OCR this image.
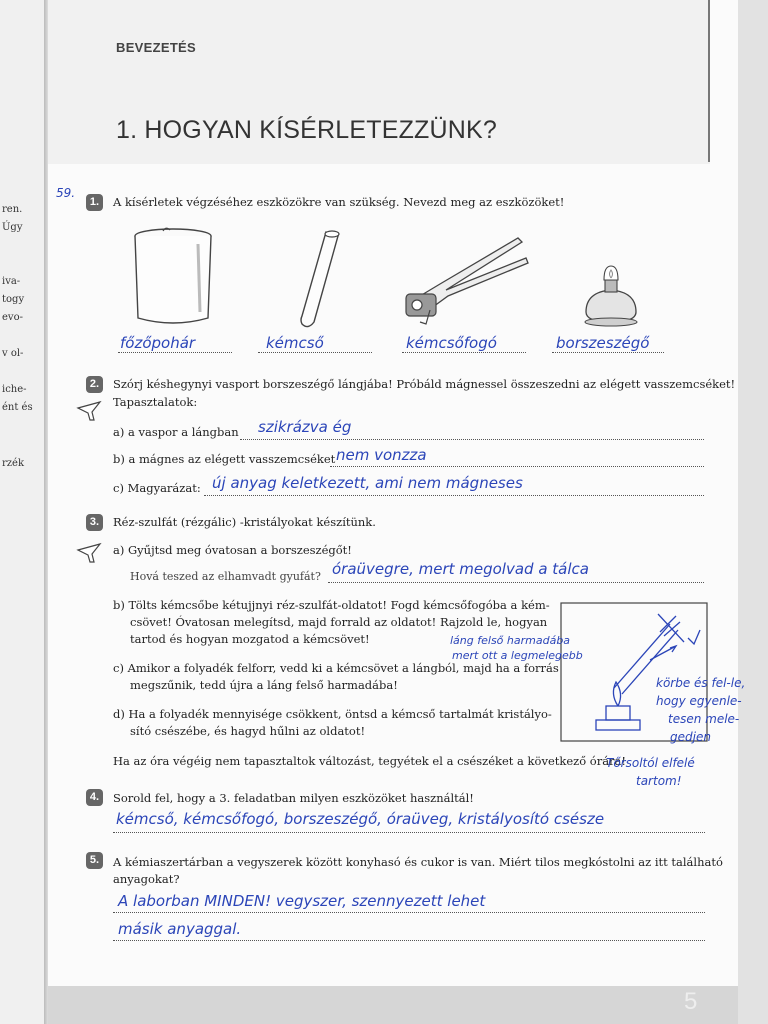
ren.
Úgy
iva-
togy
evo-
v ol-
iche-
ént és
rzék
BEVEZETÉS
1. HOGYAN KÍSÉRLETEZZÜNK?
59.
1.	A kísérletek végzéséhez eszközökre van szükség. Nevezd meg az eszközöket!
főzőpohár	kémcső	kémcsőfogó	borszeszégő
2.	Szórj késhegynyi vasport borszeszégő lángjába! Próbáld mágnessel összeszedni az elégett vasszemcséket!
Tapasztalatok:
a) a vaspor a lángban szikrázva ég
b) a mágnes az elégett vasszemcséket nem vonzza
c) Magyarázat: új anyag keletkezett, ami nem mágneses
3.	Réz-szulfát (rézgálic) -kristályokat készítünk.
a) Gyűjtsd meg óvatosan a borszeszégőt!
Hová teszed az elhamvadt gyufát? óraüvegre, mert megolvad a tálca
b) Tölts kémcsőbe kétujjnyi réz-szulfát-oldatot! Fogd kémcsőfogóba a kém-
csövet! Óvatosan melegítsd, majd forrald az oldatot! Rajzold le, hogyan
tartod és hogyan mozgatod a kémcsövet!
c) Amikor a folyadék felforr, vedd ki a kémcsövet a lángból, majd ha a forrás
megszűnik, tedd újra a láng felső harmadába!
d) Ha a folyadék mennyisége csökkent, öntsd a kémcső tartalmát kristályo-
sító csészébe, és hagyd hűlni az oldatot!
Ha az óra végéig nem tapasztaltok változást, tegyétek el a csészéket a következő órára!
láng felső harmadába
mert ott a legmelegebb
körbe és fel-le,
hogy egyenle-
tesen mele-
gedjen
Tőrsoltól elfelé
tartom!
4.	Sorold fel, hogy a 3. feladatban milyen eszközöket használtál!
kémcső, kémcsőfogó, borszeszégő, óraüveg, kristályosító csésze
5.	A kémiaszertárban a vegyszerek között konyhasó és cukor is van. Miért tilos megkóstolni az itt található
anyagokat?
A laborban MINDEN! vegyszer, szennyezett lehet
másik anyaggal.
5
